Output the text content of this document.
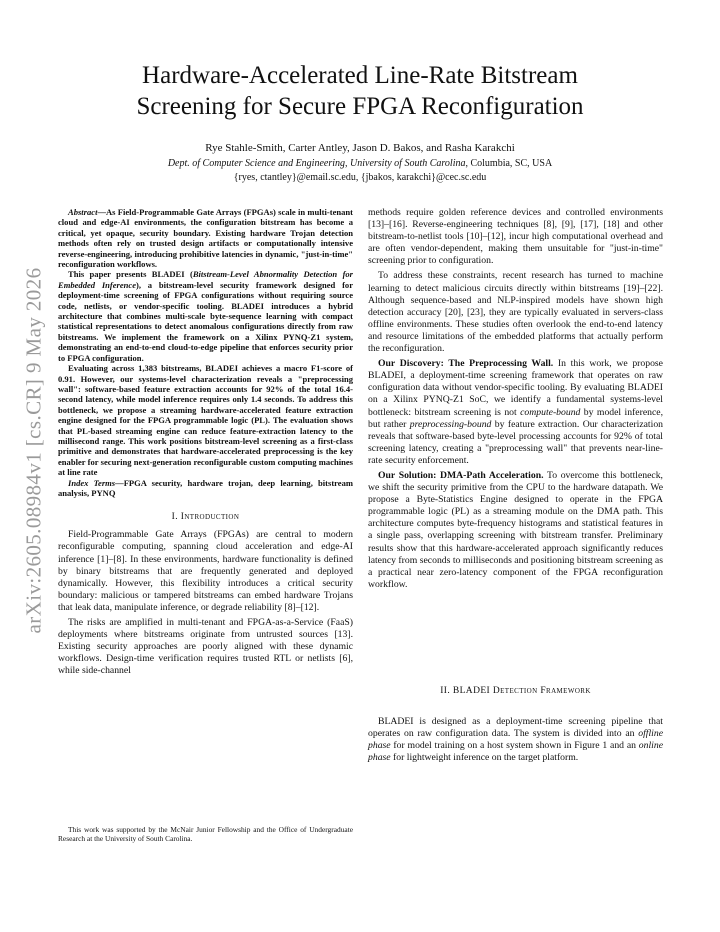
arXiv:2605.08984v1 [cs.CR] 9 May 2026
Hardware-Accelerated Line-Rate Bitstream
Screening for Secure FPGA Reconfiguration
Rye Stahle-Smith, Carter Antley, Jason D. Bakos, and Rasha Karakchi
Dept. of Computer Science and Engineering, University of South Carolina, Columbia, SC, USA
{ryes, ctantley}@email.sc.edu, {jbakos, karakchi}@cec.sc.edu

Abstract—As Field-Programmable Gate Arrays (FPGAs) scale in multi-tenant cloud and edge-AI environments, the configuration bitstream has become a critical, yet opaque, security boundary. Existing hardware Trojan detection methods often rely on trusted design artifacts or computationally intensive reverse-engineering, introducing prohibitive latencies in dynamic, "just-in-time" reconfiguration workflows.

This paper presents BLADEI (Bitstream-Level Abnormality Detection for Embedded Inference), a bitstream-level security framework designed for deployment-time screening of FPGA configurations without requiring source code, netlists, or vendor-specific tooling. BLADEI introduces a hybrid architecture that combines multi-scale byte-sequence learning with compact statistical representations to detect anomalous configurations directly from raw bitstreams. We implement the framework on a Xilinx PYNQ-Z1 system, demonstrating an end-to-end cloud-to-edge pipeline that enforces security prior to FPGA configuration.

Evaluating across 1,383 bitstreams, BLADEI achieves a macro F1-score of 0.91. However, our systems-level characterization reveals a "preprocessing wall": software-based feature extraction accounts for 92% of the total 16.4-second latency, while model inference requires only 1.4 seconds. To address this bottleneck, we propose a streaming hardware-accelerated feature extraction engine designed for the FPGA programmable logic (PL). The evaluation shows that PL-based streaming engine can reduce feature-extraction latency to the millisecond range. This work positions bitstream-level screening as a first-class primitive and demonstrates that hardware-accelerated preprocessing is the key enabler for securing next-generation reconfigurable custom computing machines at line rate

Index Terms—FPGA security, hardware trojan, deep learning, bitstream analysis, PYNQ

I. Introduction

Field-Programmable Gate Arrays (FPGAs) are central to modern reconfigurable computing, spanning cloud acceleration and edge-AI inference [1]–[8]. In these environments, hardware functionality is defined by binary bitstreams that are frequently generated and deployed dynamically. However, this flexibility introduces a critical security boundary: malicious or tampered bitstreams can embed hardware Trojans that leak data, manipulate inference, or degrade reliability [8]–[12].

The risks are amplified in multi-tenant and FPGA-as-a-Service (FaaS) deployments where bitstreams originate from untrusted sources [13]. Existing security approaches are poorly aligned with these dynamic workflows. Design-time verification requires trusted RTL or netlists [6], while side-channel

This work was supported by the McNair Junior Fellowship and the Office of Undergraduate Research at the University of South Carolina.

methods require golden reference devices and controlled environments [13]–[16]. Reverse-engineering techniques [8], [9], [17], [18] and other bitstream-to-netlist tools [10]–[12], incur high computational overhead and are often vendor-dependent, making them unsuitable for "just-in-time" screening prior to configuration.

To address these constraints, recent research has turned to machine learning to detect malicious circuits directly within bitstreams [19]–[22]. Although sequence-based and NLP-inspired models have shown high detection accuracy [20], [23], they are typically evaluated in servers-class offline environments. These studies often overlook the end-to-end latency and resource limitations of the embedded platforms that actually perform the reconfiguration.

Our Discovery: The Preprocessing Wall. In this work, we propose BLADEI, a deployment-time screening framework that operates on raw configuration data without vendor-specific tooling. By evaluating BLADEI on a Xilinx PYNQ-Z1 SoC, we identify a fundamental systems-level bottleneck: bitstream screening is not compute-bound by model inference, but rather preprocessing-bound by feature extraction. Our characterization reveals that software-based byte-level processing accounts for 92% of total screening latency, creating a "preprocessing wall" that prevents near-line-rate security enforcement.

Our Solution: DMA-Path Acceleration. To overcome this bottleneck, we shift the security primitive from the CPU to the hardware datapath. We propose a Byte-Statistics Engine designed to operate in the FPGA programmable logic (PL) as a streaming module on the DMA path. This architecture computes byte-frequency histograms and statistical features in a single pass, overlapping screening with bitstream transfer. Preliminary results show that this hardware-accelerated approach significantly reduces latency from seconds to milliseconds and positioning bitstream screening as a practical near zero-latency component of the FPGA reconfiguration workflow.

II. BLADEI Detection Framework

BLADEI is designed as a deployment-time screening pipeline that operates on raw configuration data. The system is divided into an offline phase for model training on a host system shown in Figure 1 and an online phase for lightweight inference on the target platform.
